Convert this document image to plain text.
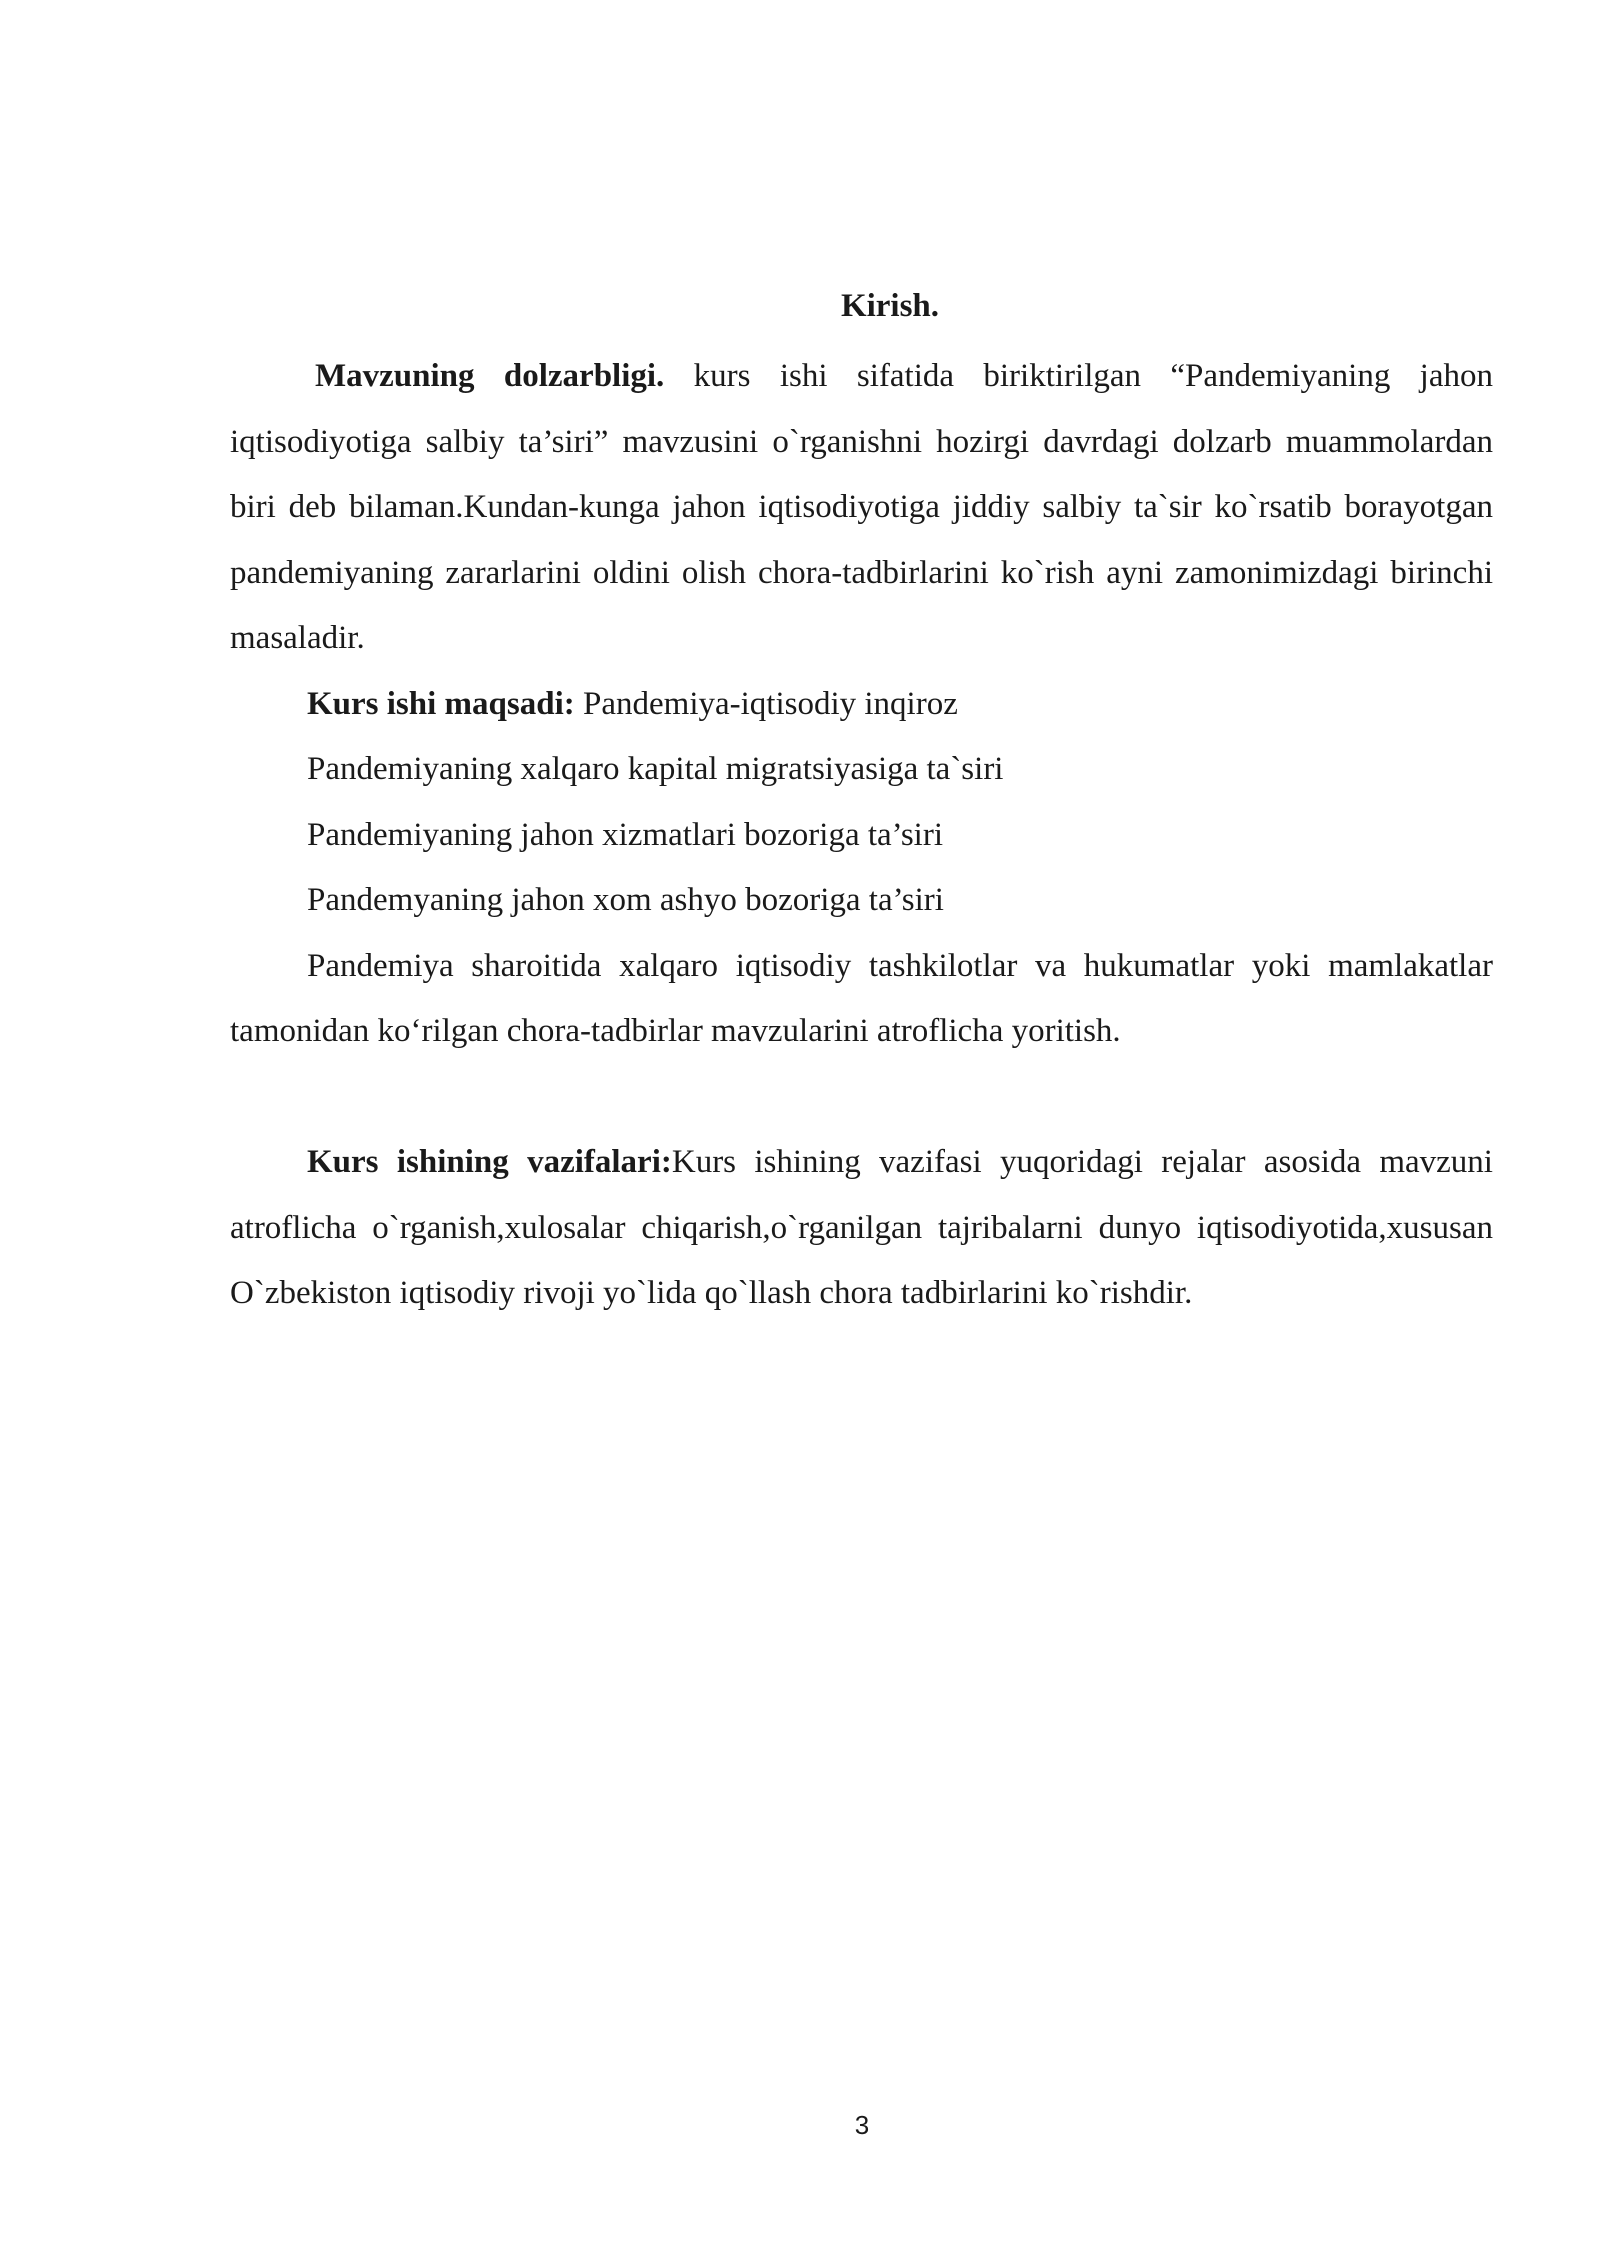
Kirish.

Mavzuning dolzarbligi. kurs ishi sifatida biriktirilgan “Pandemiyaning jahon iqtisodiyotiga salbiy ta’siri” mavzusini o`rganishni hozirgi davrdagi dolzarb muammolardan biri deb bilaman.Kundan-kunga jahon iqtisodiyotiga jiddiy salbiy ta`sir ko`rsatib borayotgan pandemiyaning zararlarini oldini olish chora-tadbirlarini ko`rish ayni zamonimizdagi birinchi masaladir.

Kurs ishi maqsadi: Pandemiya-iqtisodiy inqiroz

Pandemiyaning xalqaro kapital migratsiyasiga ta`siri

Pandemiyaning jahon xizmatlari bozoriga ta’siri

Pandemyaning jahon xom ashyo bozoriga ta’siri

Pandemiya sharoitida xalqaro iqtisodiy tashkilotlar va hukumatlar yoki mamlakatlar tamonidan ko‘rilgan chora-tadbirlar mavzularini atroflicha yoritish.

Kurs ishining vazifalari:Kurs ishining vazifasi yuqoridagi rejalar asosida mavzuni atroflicha o`rganish,xulosalar chiqarish,o`rganilgan tajribalarni dunyo iqtisodiyotida,xususan O`zbekiston iqtisodiy rivoji yo`lida qo`llash chora tadbirlarini ko`rishdir.

3
